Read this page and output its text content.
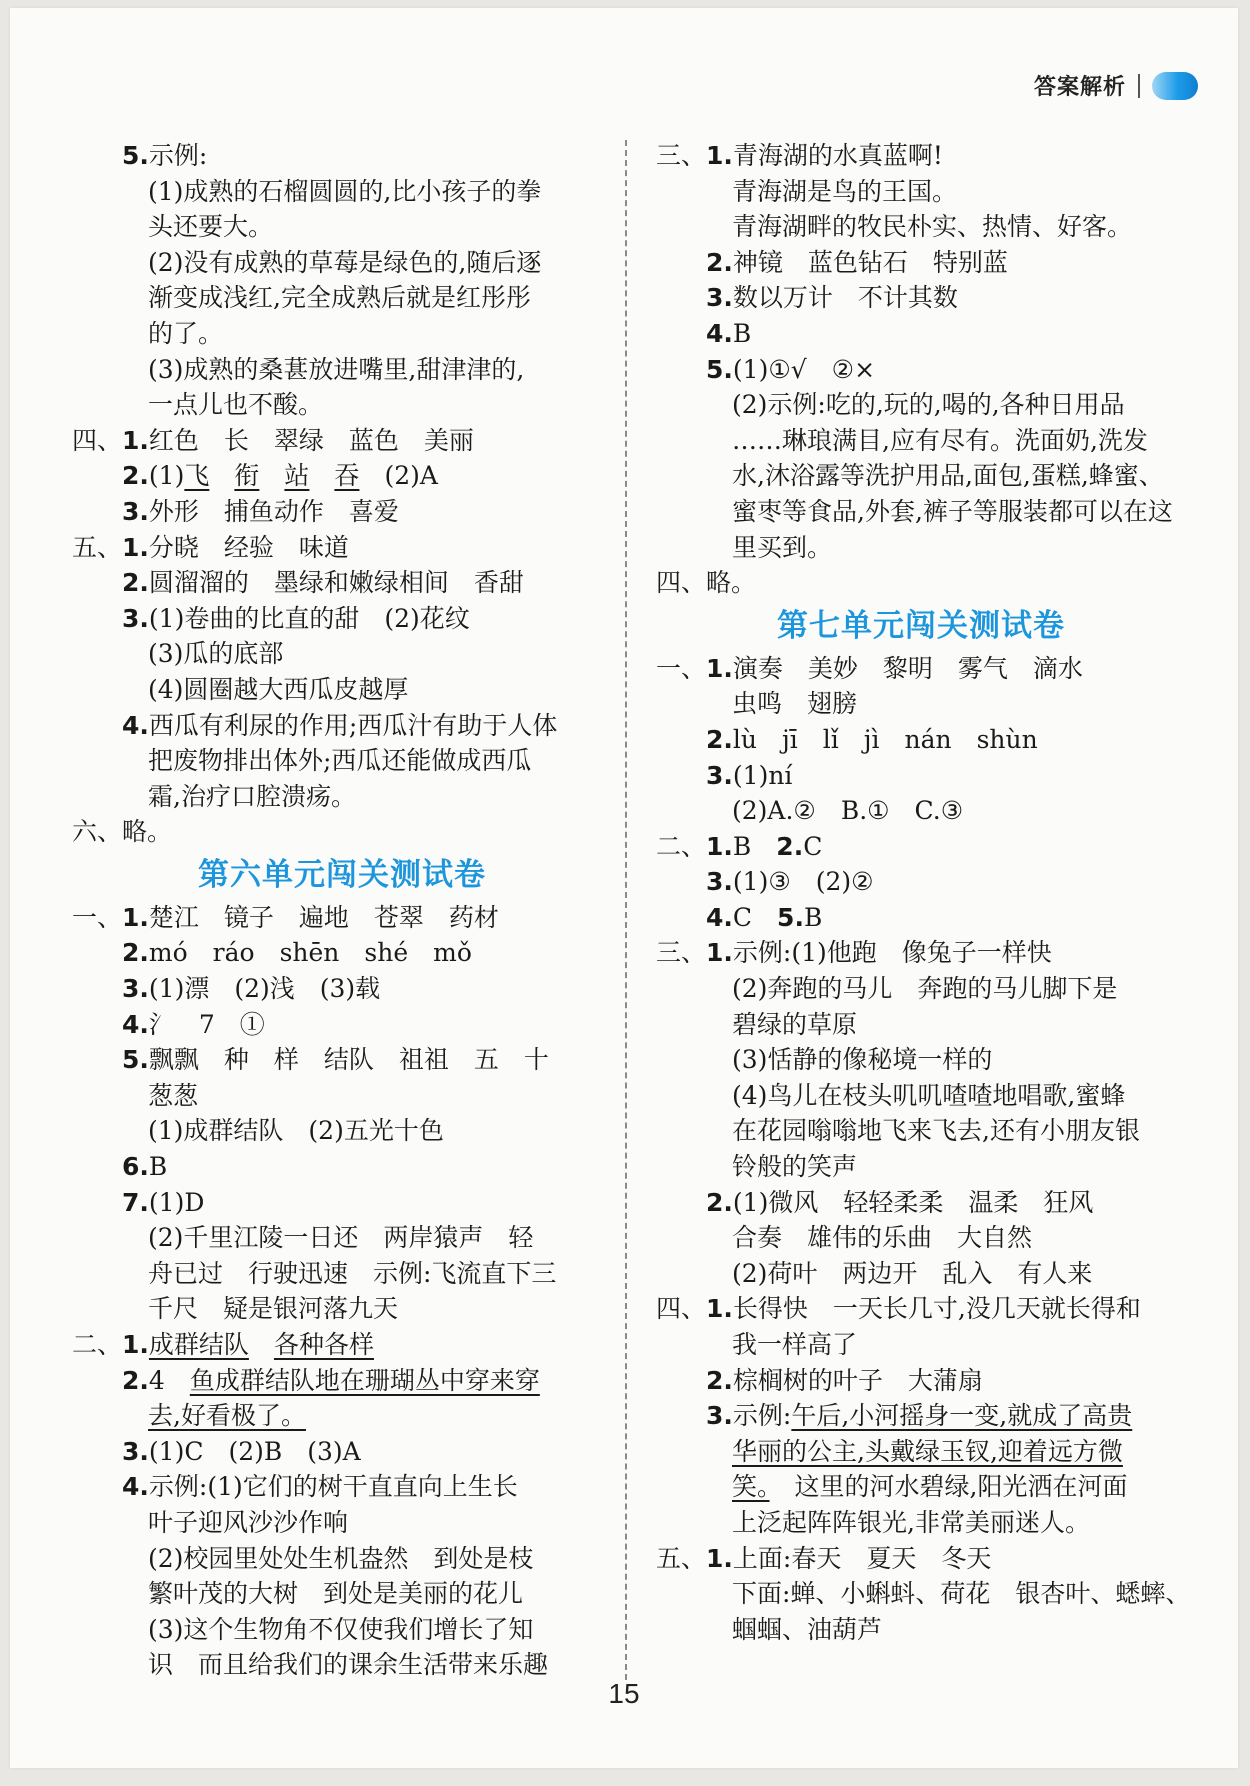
答案解析
5.示例:
(1)成熟的石榴圆圆的,比小孩子的拳
头还要大。
(2)没有成熟的草莓是绿色的,随后逐
渐变成浅红,完全成熟后就是红彤彤
的了。
(3)成熟的桑葚放进嘴里,甜津津的,
一点儿也不酸。
四、1.红色　长　翠绿　蓝色　美丽
2.(1)飞　 衔　 站　 吞　(2)A
3.外形　捕鱼动作　喜爱
五、1.分晓　经验　味道
2.圆溜溜的　墨绿和嫩绿相间　香甜
3.(1)卷曲的比直的甜　(2)花纹
(3)瓜的底部
(4)圆圈越大西瓜皮越厚
4.西瓜有利尿的作用;西瓜汁有助于人体
把废物排出体外;西瓜还能做成西瓜
霜,治疗口腔溃疡。
六、略。
第六单元闯关测试卷
一、1.楚江　镜子　遍地　苍翠　药材
2.mó　ráo　shēn　shé　mǒ
3.(1)漂　(2)浅　(3)载
4.氵　7　①
5.飘飘　种　样　结队　祖祖　五　十
葱葱
(1)成群结队　(2)五光十色
6.B
7.(1)D
(2)千里江陵一日还　两岸猿声　轻
舟已过　行驶迅速　示例:飞流直下三
千尺　疑是银河落九天
二、1.成群结队　 各种各样
2.4　鱼成群结队地在珊瑚丛中穿来穿
去,好看极了。
3.(1)C　(2)B　(3)A
4.示例:(1)它们的树干直直向上生长
叶子迎风沙沙作响
(2)校园里处处生机盎然　到处是枝
繁叶茂的大树　到处是美丽的花儿
(3)这个生物角不仅使我们增长了知
识　而且给我们的课余生活带来乐趣
三、1.青海湖的水真蓝啊!
青海湖是鸟的王国。
青海湖畔的牧民朴实、热情、好客。
2.神镜　蓝色钻石　特别蓝
3.数以万计　不计其数
4.B
5.(1)①√　②×
(2)示例:吃的,玩的,喝的,各种日用品
……琳琅满目,应有尽有。洗面奶,洗发
水,沐浴露等洗护用品,面包,蛋糕,蜂蜜、
蜜枣等食品,外套,裤子等服装都可以在这
里买到。
四、略。
第七单元闯关测试卷
一、1.演奏　美妙　黎明　雾气　滴水
虫鸣　翅膀
2.lù　jī　lǐ　jì　nán　shùn
3.(1)ní
(2)A.②　B.①　C.③
二、1.B　2.C
3.(1)③　(2)②
4.C　5.B
三、1.示例:(1)他跑　像兔子一样快
(2)奔跑的马儿　奔跑的马儿脚下是
碧绿的草原
(3)恬静的像秘境一样的
(4)鸟儿在枝头叽叽喳喳地唱歌,蜜蜂
在花园嗡嗡地飞来飞去,还有小朋友银
铃般的笑声
2.(1)微风　轻轻柔柔　温柔　狂风
合奏　雄伟的乐曲　大自然
(2)荷叶　两边开　乱入　有人来
四、1.长得快　一天长几寸,没几天就长得和
我一样高了
2.棕榈树的叶子　大蒲扇
3.示例:午后,小河摇身一变,就成了高贵
华丽的公主,头戴绿玉钗,迎着远方微
笑。　这里的河水碧绿,阳光洒在河面
上泛起阵阵银光,非常美丽迷人。
五、1.上面:春天　夏天　冬天
下面:蝉、小蝌蚪、荷花　银杏叶、蟋蟀、
蝈蝈、油葫芦
15
